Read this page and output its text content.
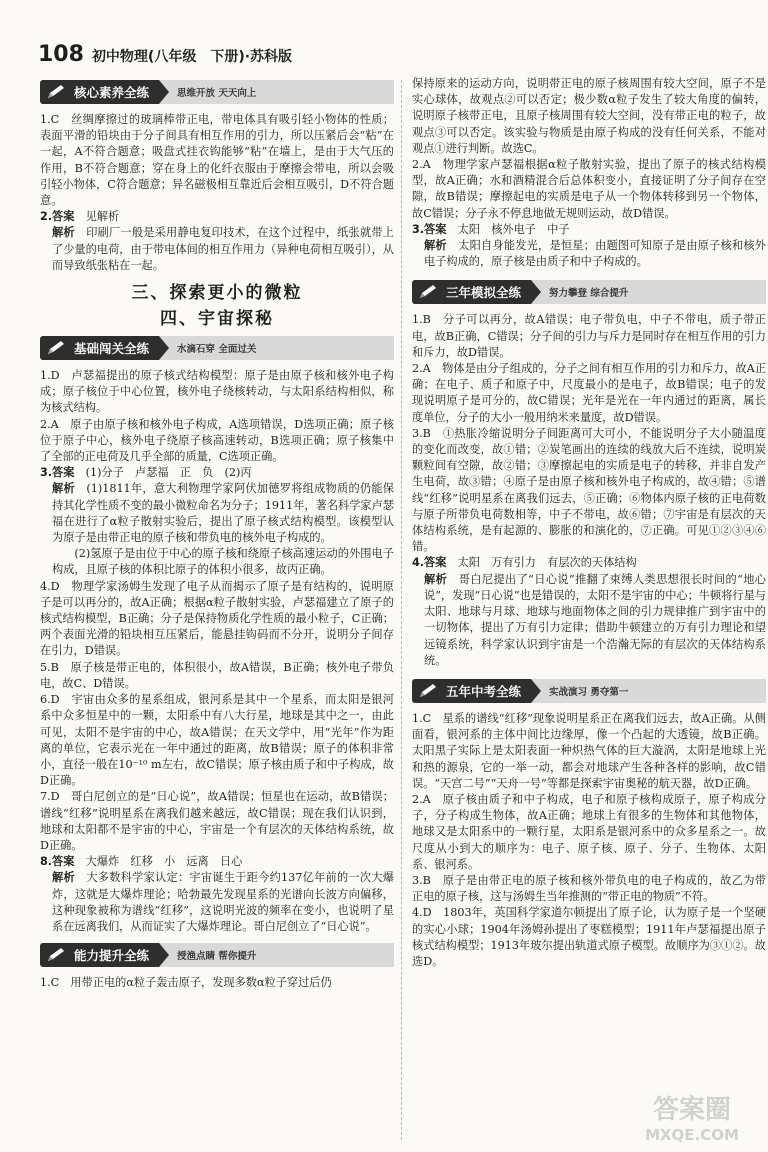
108 初中物理(八年级　下册)·苏科版
核心素养全练	思维开放 天天向上

1.C　丝绸摩擦过的玻璃棒带正电，带电体具有吸引轻小物体的性质；表面平滑的铅块由于分子间具有相互作用的引力，所以压紧后会“粘”在一起，A不符合题意；吸盘式挂衣钩能够“粘”在墙上，是由于大气压的作用，B不符合题意；穿在身上的化纤衣服由于摩擦会带电，所以会吸引轻小物体，C符合题意；异名磁极相互靠近后会相互吸引，D不符合题意。

2.答案　 见解析

解析　 印刷厂一般是采用静电复印技术，在这个过程中，纸张就带上了少量的电荷，由于带电体间的相互作用力（异种电荷相互吸引），从而导致纸张粘在一起。

三、探索更小的微粒
四、宇宙探秘
基础闯关全练	水滴石穿 全面过关

1.D　卢瑟福提出的原子核式结构模型：原子是由原子核和核外电子构成；原子核位于中心位置，核外电子绕核转动，与太阳系结构相似，称为核式结构。

2.A　原子由原子核和核外电子构成，A选项错误，D选项正确；原子核位于原子中心，核外电子绕原子核高速转动，B选项正确；原子核集中了全部的正电荷及几乎全部的质量，C选项正确。

3.答案　 (1)分子　卢瑟福　正　负　(2)丙

解析　 (1)1811年，意大利物理学家阿伏加德罗将组成物质的仍能保持其化学性质不变的最小微粒命名为分子；1911年，著名科学家卢瑟福在进行了α粒子散射实验后，提出了原子核式结构模型。该模型认为原子是由带正电的原子核和带负电的核外电子构成的。

(2)氢原子是由位于中心的原子核和绕原子核高速运动的外围电子构成，且原子核的体积比原子的体积小很多，故丙正确。

4.D　物理学家汤姆生发现了电子从而揭示了原子是有结构的，说明原子是可以再分的，故A正确；根据α粒子散射实验，卢瑟福建立了原子的核式结构模型，B正确；分子是保持物质化学性质的最小粒子，C正确；两个表面光滑的铅块相互压紧后，能悬挂钩码而不分开，说明分子间存在引力，D错误。

5.B　原子核是带正电的，体积很小，故A错误，B正确；核外电子带负电，故C、D错误。

6.D　宇宙由众多的星系组成，银河系是其中一个星系，而太阳是银河系中众多恒星中的一颗，太阳系中有八大行星，地球是其中之一，由此可见，太阳不是宇宙的中心，故A错误；在天文学中，用“光年”作为距离的单位，它表示光在一年中通过的距离，故B错误；原子的体积非常小，直径一般在10⁻¹⁰ m左右，故C错误；原子核由质子和中子构成，故D正确。

7.D　哥白尼创立的是“日心说”，故A错误；恒星也在运动，故B错误；谱线“红移”说明星系在离我们越来越远，故C错误；现在我们认识到，地球和太阳都不是宇宙的中心，宇宙是一个有层次的天体结构系统，故D正确。

8.答案　 大爆炸　红移　小　远离　日心

解析　 大多数科学家认定：宇宙诞生于距今约137亿年前的一次大爆炸，这就是大爆炸理论；哈勃最先发现星系的光谱向长波方向偏移，这种现象被称为谱线“红移”，这说明光波的频率在变小，也说明了星系在远离我们，从而证实了大爆炸理论。哥白尼创立了“日心说”。

能力提升全练	授渔点睛 帮你提升

1.C　用带正电的α粒子轰击原子，发现多数α粒子穿过后仍

保持原来的运动方向，说明带正电的原子核周围有较大空间，原子不是实心球体，故观点②可以否定；极少数α粒子发生了较大角度的偏转，说明原子核带正电，且原子核周围有较大空间，没有带正电的粒子，故观点③可以否定。该实验与物质是由原子构成的没有任何关系，不能对观点①进行判断。故选C。

2.A　物理学家卢瑟福根据α粒子散射实验，提出了原子的核式结构模型，故A正确；水和酒精混合后总体积变小，直接证明了分子间存在空隙，故B错误；摩擦起电的实质是电子从一个物体转移到另一个物体，故C错误；分子永不停息地做无规则运动，故D错误。

3.答案　 太阳　核外电子　中子

解析　 太阳自身能发光，是恒星；由题图可知原子是由原子核和核外电子构成的，原子核是由质子和中子构成的。

三年模拟全练	努力攀登 综合提升

1.B　分子可以再分，故A错误；电子带负电，中子不带电，质子带正电，故B正确，C错误；分子间的引力与斥力是同时存在相互作用的引力和斥力，故D错误。

2.A　物体是由分子组成的，分子之间有相互作用的引力和斥力，故A正确；在电子、质子和原子中，尺度最小的是电子，故B错误；电子的发现说明原子是可分的，故C错误；光年是光在一年内通过的距离，属长度单位，分子的大小一般用纳米来量度，故D错误。

3.B　①热胀冷缩说明分子间距离可大可小，不能说明分子大小随温度的变化而改变，故①错；②炭笔画出的连续的线放大后不连续，说明炭颗粒间有空隙，故②错；③摩擦起电的实质是电子的转移，并非自发产生电荷，故③错；④原子是由原子核和核外电子构成的，故④错；⑤谱线“红移”说明星系在离我们远去，⑤正确；⑥物体内原子核的正电荷数与原子所带负电荷数相等，中子不带电，故⑥错；⑦宇宙是有层次的天体结构系统，是有起源的、膨胀的和演化的，⑦正确。可见①②③④⑥错。

4.答案　 太阳　万有引力　有层次的天体结构

解析　 哥白尼提出了“日心说”推翻了束缚人类思想很长时间的“地心说”，发现“日心说”也是错误的，太阳不是宇宙的中心；牛顿将行星与太阳、地球与月球、地球与地面物体之间的引力规律推广到宇宙中的一切物体，提出了万有引力定律；借助牛顿建立的万有引力理论和望远镜系统，科学家认识到宇宙是一个浩瀚无际的有层次的天体结构系统。

五年中考全练	实战演习 勇夺第一

1.C　星系的谱线“红移”现象说明星系正在离我们远去，故A正确。从侧面看，银河系的主体中间比边缘厚，像一个凸起的大透镜，故B正确。太阳黑子实际上是太阳表面一种炽热气体的巨大漩涡，太阳是地球上光和热的源泉，它的一举一动，都会对地球产生各种各样的影响，故C错误。“天宫二号”“天舟一号”等都是探索宇宙奥秘的航天器，故D正确。

2.A　原子核由质子和中子构成，电子和原子核构成原子，原子构成分子，分子构成生物体，故A正确；地球上有很多的生物体和其他物体，地球又是太阳系中的一颗行星，太阳系是银河系中的众多星系之一。故尺度从小到大的顺序为：电子、原子核、原子、分子、生物体、太阳系、银河系。

3.B　原子是由带正电的原子核和核外带负电的电子构成的，故乙为带正电的原子核，这与汤姆生当年推测的“带正电的物质”不符。

4.D　1803年，英国科学家道尔顿提出了原子论，认为原子是一个坚硬的实心小球；1904年汤姆孙提出了枣糕模型；1911年卢瑟福提出原子核式结构模型；1913年玻尔提出轨道式原子模型。故顺序为③①②。故选D。

答案圈
MXQE.COM
